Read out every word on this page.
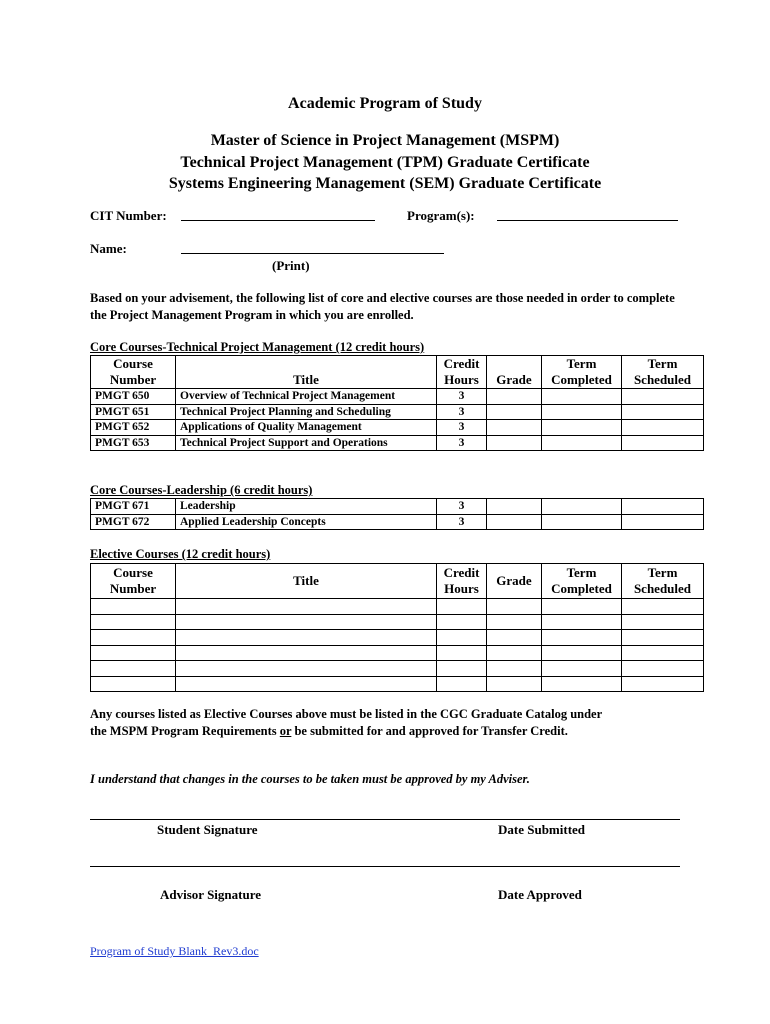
Academic Program of Study
Master of Science in Project Management (MSPM)
Technical Project Management (TPM) Graduate Certificate
Systems Engineering Management (SEM) Graduate Certificate
CIT Number:	Program(s):
Name:
(Print)
Based on your advisement, the following list of core and elective courses are those needed in order to complete the Project Management Program in which you are enrolled.
Core Courses-Technical Project Management (12 credit hours)
Course Number	Title	Credit Hours	Grade	Term Completed	Term Scheduled
PMGT 650	Overview of Technical Project Management	3			
PMGT 651	Technical Project Planning and Scheduling	3			
PMGT 652	Applications of Quality Management	3			
PMGT 653	Technical Project Support and Operations	3			
Core Courses-Leadership (6 credit hours)
PMGT 671	Leadership	3			
PMGT 672	Applied Leadership Concepts	3			
Elective Courses (12 credit hours)
Course Number	Title	Credit Hours	Grade	Term Completed	Term Scheduled

Any courses listed as Elective Courses above must be listed in the CGC Graduate Catalog under
the MSPM Program Requirements or be submitted for and approved for Transfer Credit.
I understand that changes in the courses to be taken must be approved by my Adviser.
Student Signature	Date Submitted
Advisor Signature	Date Approved
Program of Study Blank_Rev3.doc
